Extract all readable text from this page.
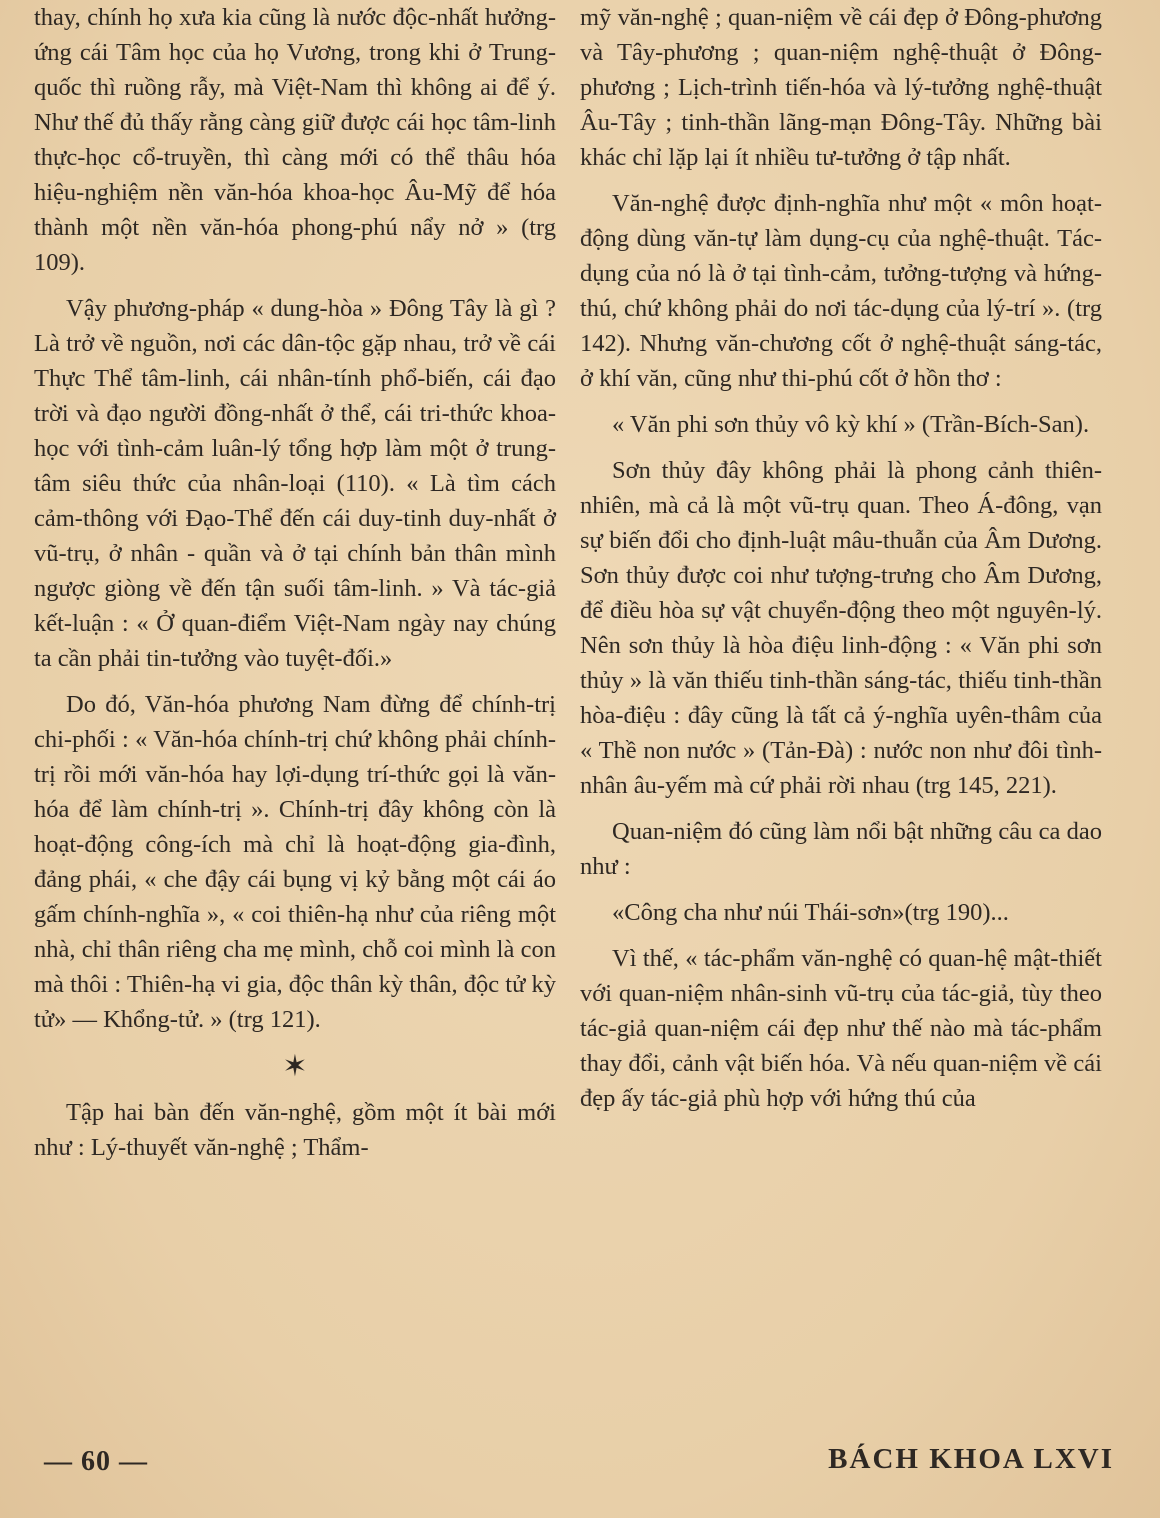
thay, chính họ xưa kia cũng là nước độc-nhất hưởng-ứng cái Tâm học của họ Vương, trong khi ở Trung-quốc thì ruồng rẫy, mà Việt-Nam thì không ai để ý. Như thế đủ thấy rằng càng giữ được cái học tâm-linh thực-học cổ-truyền, thì càng mới có thể thâu hóa hiệu-nghiệm nền văn-hóa khoa-học Âu-Mỹ để hóa thành một nền văn-hóa phong-phú nẩy nở » (trg 109).

Vậy phương-pháp « dung-hòa » Đông Tây là gì ? Là trở về nguồn, nơi các dân-tộc gặp nhau, trở về cái Thực Thể tâm-linh, cái nhân-tính phổ-biến, cái đạo trời và đạo người đồng-nhất ở thể, cái tri-thức khoa-học với tình-cảm luân-lý tổng hợp làm một ở trung-tâm siêu thức của nhân-loại (110). « Là tìm cách cảm-thông với Đạo-Thể đến cái duy-tinh duy-nhất ở vũ-trụ, ở nhân - quần và ở tại chính bản thân mình ngược giòng về đến tận suối tâm-linh. » Và tác-giả kết-luận : « Ở quan-điểm Việt-Nam ngày nay chúng ta cần phải tin-tưởng vào tuyệt-đối.»

Do đó, Văn-hóa phương Nam đừng để chính-trị chi-phối : « Văn-hóa chính-trị chứ không phải chính-trị rồi mới văn-hóa hay lợi-dụng trí-thức gọi là văn-hóa để làm chính-trị ». Chính-trị đây không còn là hoạt-động công-ích mà chỉ là hoạt-động gia-đình, đảng phái, « che đậy cái bụng vị kỷ bằng một cái áo gấm chính-nghĩa », « coi thiên-hạ như của riêng một nhà, chỉ thân riêng cha mẹ mình, chỗ coi mình là con mà thôi : Thiên-hạ vi gia, độc thân kỳ thân, độc tử kỳ tử» — Khổng-tử. » (trg 121).

✶

Tập hai bàn đến văn-nghệ, gồm một ít bài mới như : Lý-thuyết văn-nghệ ; Thẩm-

mỹ văn-nghệ ; quan-niệm về cái đẹp ở Đông-phương và Tây-phương ; quan-niệm nghệ-thuật ở Đông-phương ; Lịch-trình tiến-hóa và lý-tưởng nghệ-thuật Âu-Tây ; tinh-thần lãng-mạn Đông-Tây. Những bài khác chỉ lặp lại ít nhiều tư-tưởng ở tập nhất.

Văn-nghệ được định-nghĩa như một « môn hoạt-động dùng văn-tự làm dụng-cụ của nghệ-thuật. Tác-dụng của nó là ở tại tình-cảm, tưởng-tượng và hứng-thú, chứ không phải do nơi tác-dụng của lý-trí ». (trg 142). Nhưng văn-chương cốt ở nghệ-thuật sáng-tác, ở khí văn, cũng như thi-phú cốt ở hồn thơ :

« Văn phi sơn thủy vô kỳ khí » (Trần-Bích-San).

Sơn thủy đây không phải là phong cảnh thiên-nhiên, mà cả là một vũ-trụ quan. Theo Á-đông, vạn sự biến đổi cho định-luật mâu-thuẫn của Âm Dương. Sơn thủy được coi như tượng-trưng cho Âm Dương, để điều hòa sự vật chuyển-động theo một nguyên-lý. Nên sơn thủy là hòa điệu linh-động : « Văn phi sơn thủy » là văn thiếu tinh-thần sáng-tác, thiếu tinh-thần hòa-điệu : đây cũng là tất cả ý-nghĩa uyên-thâm của « Thề non nước » (Tản-Đà) : nước non như đôi tình-nhân âu-yếm mà cứ phải rời nhau (trg 145, 221).

Quan-niệm đó cũng làm nổi bật những câu ca dao như :

«Công cha như núi Thái-sơn»(trg 190)...

Vì thế, « tác-phẩm văn-nghệ có quan-hệ mật-thiết với quan-niệm nhân-sinh vũ-trụ của tác-giả, tùy theo tác-giả quan-niệm cái đẹp như thế nào mà tác-phẩm thay đổi, cảnh vật biến hóa. Và nếu quan-niệm về cái đẹp ấy tác-giả phù hợp với hứng thú của

— 60 —	BÁCH KHOA LXVI
